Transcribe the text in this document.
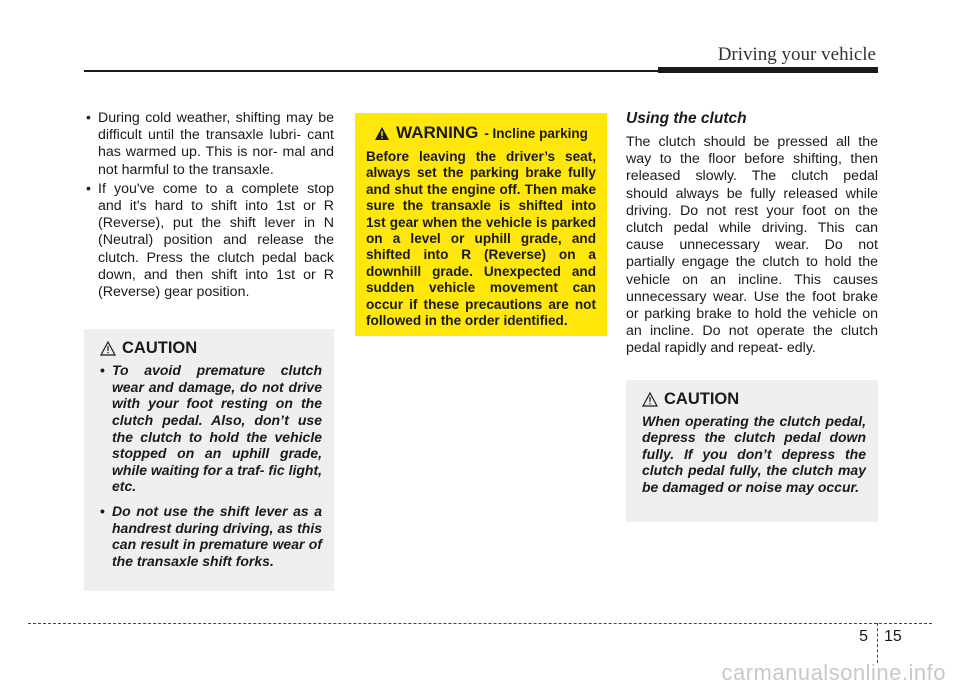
Driving your vehicle
• During cold weather, shifting may be difficult until the transaxle lubri- cant has warmed up. This is nor- mal and not harmful to the transaxle.
• If you've come to a complete stop and it's hard to shift into 1st or R (Reverse), put the shift lever in N (Neutral) position and release the clutch. Press the clutch pedal back down, and then shift into 1st or R (Reverse) gear position.
CAUTION
• To avoid premature clutch wear and damage, do not drive with your foot resting on the clutch pedal. Also, don’t use the clutch to hold the vehicle stopped on an uphill grade, while waiting for a traf- fic light, etc.
• Do not use the shift lever as a handrest during driving, as this can result in premature wear of the transaxle shift forks.
WARNING - Incline parking
Before leaving the driver’s seat, always set the parking brake fully and shut the engine off. Then make sure the transaxle is shifted into 1st gear when the vehicle is parked on a level or uphill grade, and shifted into R (Reverse) on a downhill grade. Unexpected and sudden vehicle movement can occur if these precautions are not followed in the order identified.
Using the clutch
The clutch should be pressed all the way to the floor before shifting, then released slowly. The clutch pedal should always be fully released while driving. Do not rest your foot on the clutch pedal while driving. This can cause unnecessary wear. Do not partially engage the clutch to hold the vehicle on an incline. This causes unnecessary wear. Use the foot brake or parking brake to hold the vehicle on an incline. Do not operate the clutch pedal rapidly and repeat- edly.
CAUTION
When operating the clutch pedal, depress the clutch pedal down fully. If you don’t depress the clutch pedal fully, the clutch may be damaged or noise may occur.
5 15
carmanualsonline.info
